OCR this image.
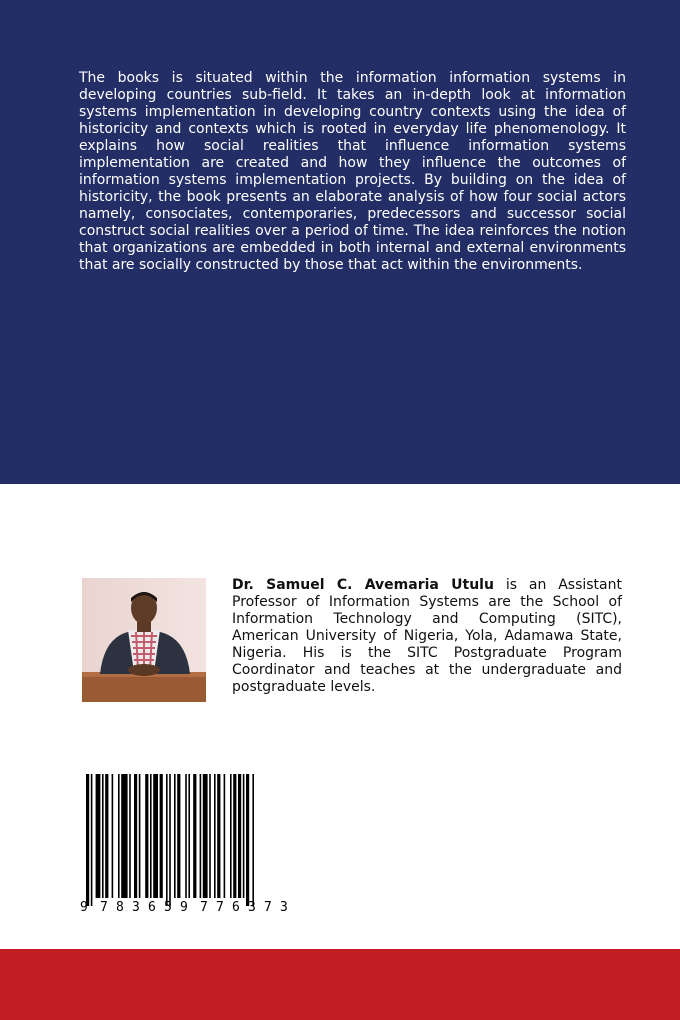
The books is situated within the information information systems in developing countries sub-field. It takes an in-depth look at information systems implementation in developing country contexts using the idea of historicity and contexts which is rooted in everyday life phenomenology. It explains how social realities that influence information systems implementation are created and how they influence the outcomes of information systems implementation projects. By building on the idea of historicity, the book presents an elaborate analysis of how four social actors namely, consociates, contemporaries, predecessors and successor social construct social realities over a period of time. The idea reinforces the notion that organizations are embedded in both internal and external environments that are socially constructed by those that act within the environments.

Dr. Samuel C. Avemaria Utulu is an Assistant Professor of Information Systems are the School of Information Technology and Computing (SITC), American University of Nigeria, Yola, Adamawa State, Nigeria. His is the SITC Postgraduate Program Coordinator and teaches at the undergraduate and postgraduate levels.

9 7 8 3 6 5 9 7 7 6 3 7 3
